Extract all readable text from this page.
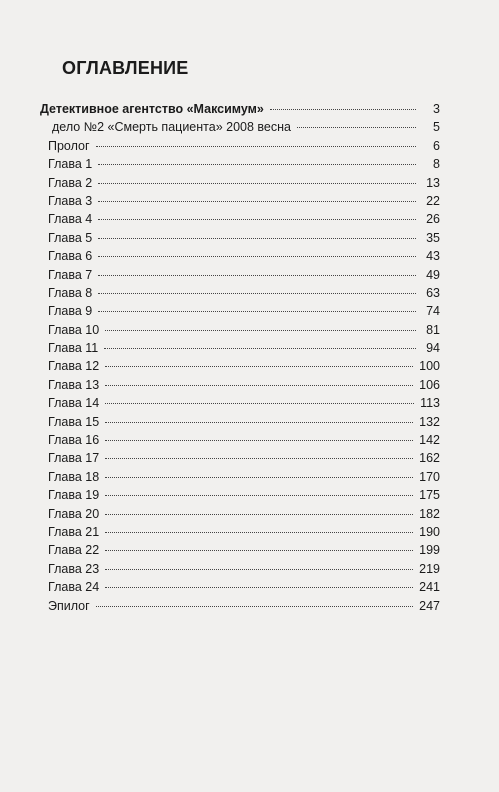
ОГЛАВЛЕНИЕ
Детективное агентство «Максимум»	3
дело №2 «Смерть пациента» 2008 весна	5
Пролог	6
Глава 1	8
Глава 2	13
Глава 3	22
Глава 4	26
Глава 5	35
Глава 6	43
Глава 7	49
Глава 8	63
Глава 9	74
Глава 10	81
Глава 11	94
Глава 12	100
Глава 13	106
Глава 14	113
Глава 15	132
Глава 16	142
Глава 17	162
Глава 18	170
Глава 19	175
Глава 20	182
Глава 21	190
Глава 22	199
Глава 23	219
Глава 24	241
Эпилог	247
